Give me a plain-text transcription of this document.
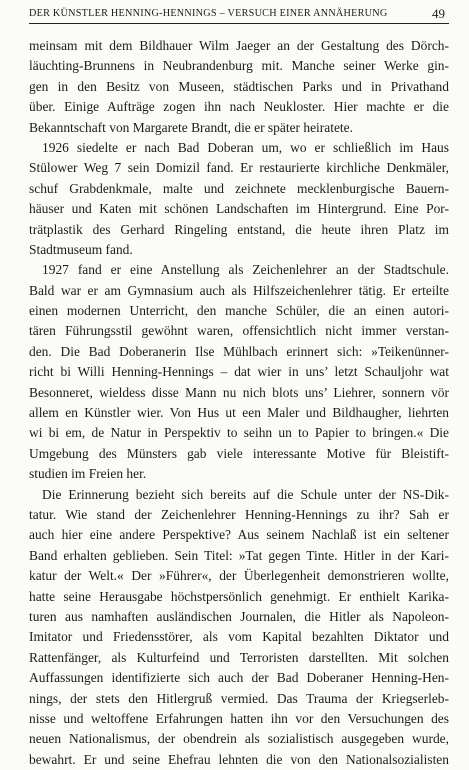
DER KÜNSTLER HENNING-HENNINGS – VERSUCH EINER ANNÄHERUNG	49
meinsam mit dem Bildhauer Wilm Jaeger an der Gestaltung des Dörch-
läuchting-Brunnens in Neubrandenburg mit. Manche seiner Werke gin-
gen in den Besitz von Museen, städtischen Parks und in Privathand
über. Einige Aufträge zogen ihn nach Neukloster. Hier machte er die
Bekanntschaft von Margarete Brandt, die er später heiratete.
1926 siedelte er nach Bad Doberan um, wo er schließlich im Haus
Stülower Weg 7 sein Domizil fand. Er restaurierte kirchliche Denkmäler,
schuf Grabdenkmale, malte und zeichnete mecklenburgische Bauern-
häuser und Katen mit schönen Landschaften im Hintergrund. Eine Por-
trätplastik des Gerhard Ringeling entstand, die heute ihren Platz im
Stadtmuseum fand.
1927 fand er eine Anstellung als Zeichenlehrer an der Stadtschule.
Bald war er am Gymnasium auch als Hilfszeichenlehrer tätig. Er erteilte
einen modernen Unterricht, den manche Schüler, die an einen autori-
tären Führungsstil gewöhnt waren, offensichtlich nicht immer verstan-
den. Die Bad Doberanerin Ilse Mühlbach erinnert sich: »Teikenünner-
richt bi Willi Henning-Hennings – dat wier in uns’ letzt Schauljohr wat
Besonneret, wieldess disse Mann nu nich blots uns’ Liehrer, sonnern vör
allem en Künstler wier. Von Hus ut een Maler und Bildhaugher, liehrten
wi bi em, de Natur in Perspektiv to seihn un to Papier to bringen.« Die
Umgebung des Münsters gab viele interessante Motive für Bleistift-
studien im Freien her.
Die Erinnerung bezieht sich bereits auf die Schule unter der NS-Dik-
tatur. Wie stand der Zeichenlehrer Henning-Hennings zu ihr? Sah er
auch hier eine andere Perspektive? Aus seinem Nachlaß ist ein seltener
Band erhalten geblieben. Sein Titel: »Tat gegen Tinte. Hitler in der Kari-
katur der Welt.« Der »Führer«, der Überlegenheit demonstrieren wollte,
hatte seine Herausgabe höchstpersönlich genehmigt. Er enthielt Karika-
turen aus namhaften ausländischen Journalen, die Hitler als Napoleon-
Imitator und Friedensstörer, als vom Kapital bezahlten Diktator und
Rattenfänger, als Kulturfeind und Terroristen darstellten. Mit solchen
Auffassungen identifizierte sich auch der Bad Doberaner Henning-Hen-
nings, der stets den Hitlergruß vermied. Das Trauma der Kriegserleb-
nisse und weltoffene Erfahrungen hatten ihn vor den Versuchungen des
neuen Nationalismus, der obendrein als sozialistisch ausgegeben wurde,
bewahrt. Er und seine Ehefrau lehnten die von den Nationalsozialisten
